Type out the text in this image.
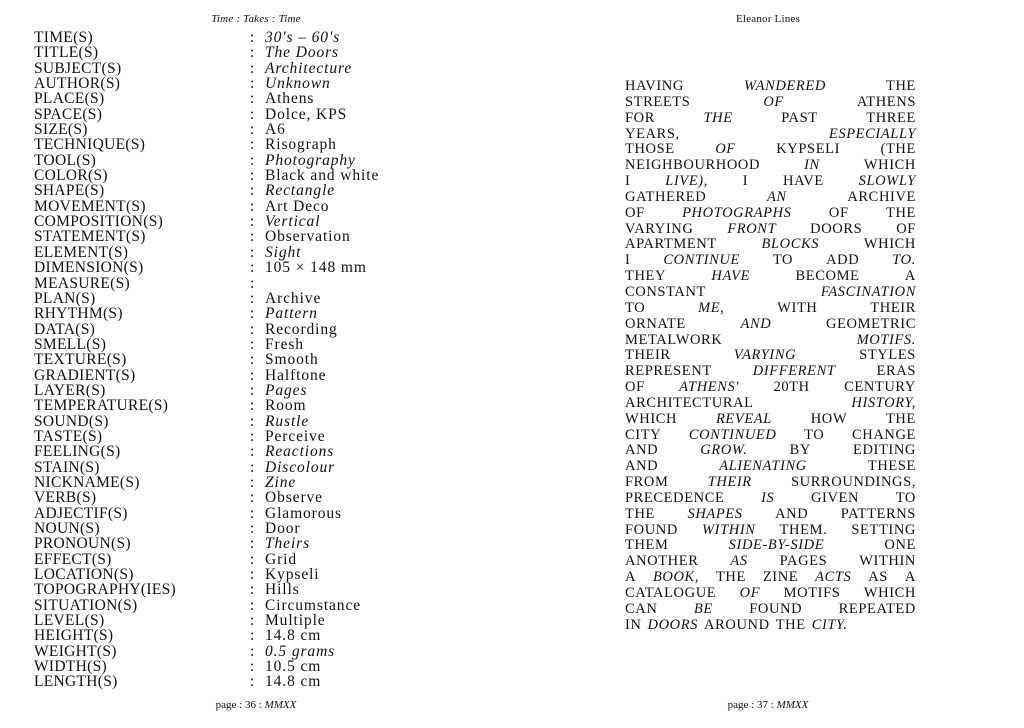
Time : Takes : Time
TIME(S)	: 30's – 60's
TITLE(S)	: The Doors
SUBJECT(S)	: Architecture
AUTHOR(S)	: Unknown
PLACE(S)	: Athens
SPACE(S)	: Dolce, KPS
SIZE(S)	: A6
TECHNIQUE(S)	: Risograph
TOOL(S)	: Photography
COLOR(S)	: Black and white
SHAPE(S)	: Rectangle
MOVEMENT(S)	: Art Deco
COMPOSITION(S)	: Vertical
STATEMENT(S)	: Observation
ELEMENT(S)	: Sight
DIMENSION(S)	: 105 × 148 mm
MEASURE(S)	:
PLAN(S)	: Archive
RHYTHM(S)	: Pattern
DATA(S)	: Recording
SMELL(S)	: Fresh
TEXTURE(S)	: Smooth
GRADIENT(S)	: Halftone
LAYER(S)	: Pages
TEMPERATURE(S)	: Room
SOUND(S)	: Rustle
TASTE(S)	: Perceive
FEELING(S)	: Reactions
STAIN(S)	: Discolour
NICKNAME(S)	: Zine
VERB(S)	: Observe
ADJECTIF(S)	: Glamorous
NOUN(S)	: Door
PRONOUN(S)	: Theirs
EFFECT(S)	: Grid
LOCATION(S)	: Kypseli
TOPOGRAPHY(IES)	: Hills
SITUATION(S)	: Circumstance
LEVEL(S)	: Multiple
HEIGHT(S)	: 14.8 cm
WEIGHT(S)	: 0.5 grams
WIDTH(S)	: 10.5 cm
LENGTH(S)	: 14.8 cm
page : 36 : MMXX
Eleanor Lines
HAVING	WANDERED	THE
STREETS	OF	ATHENS
FOR	THE	PAST	THREE
YEARS,	ESPECIALLY
THOSE	OF	KYPSELI	(THE
NEIGHBOURHOOD	IN	WHICH
I LIVE), I HAVE SLOWLY
GATHERED	AN	ARCHIVE
OF	PHOTOGRAPHS	OF	THE
VARYING FRONT DOORS OF
APARTMENT	BLOCKS	WHICH
I CONTINUE TO ADD TO.
THEY	HAVE	BECOME	A
CONSTANT	FASCINATION
TO	ME,	WITH	THEIR
ORNATE	AND	GEOMETRIC
METALWORK	MOTIFS.
THEIR	VARYING	STYLES
REPRESENT	DIFFERENT	ERAS
OF ATHENS' 20TH CENTURY
ARCHITECTURAL	HISTORY,
WHICH	REVEAL	HOW	THE
CITY CONTINUED TO CHANGE
AND	GROW.	BY	EDITING
AND	ALIENATING	THESE
FROM	THEIR	SURROUNDINGS,
PRECEDENCE	IS	GIVEN	TO
THE SHAPES AND PATTERNS
FOUND WITHIN THEM. SETTING
THEM	SIDE-BY-SIDE	ONE
ANOTHER AS PAGES WITHIN
A BOOK, THE ZINE ACTS AS A
CATALOGUE OF MOTIFS WHICH
CAN	BE	FOUND	REPEATED
IN DOORS AROUND THE CITY.
page : 37 : MMXX
